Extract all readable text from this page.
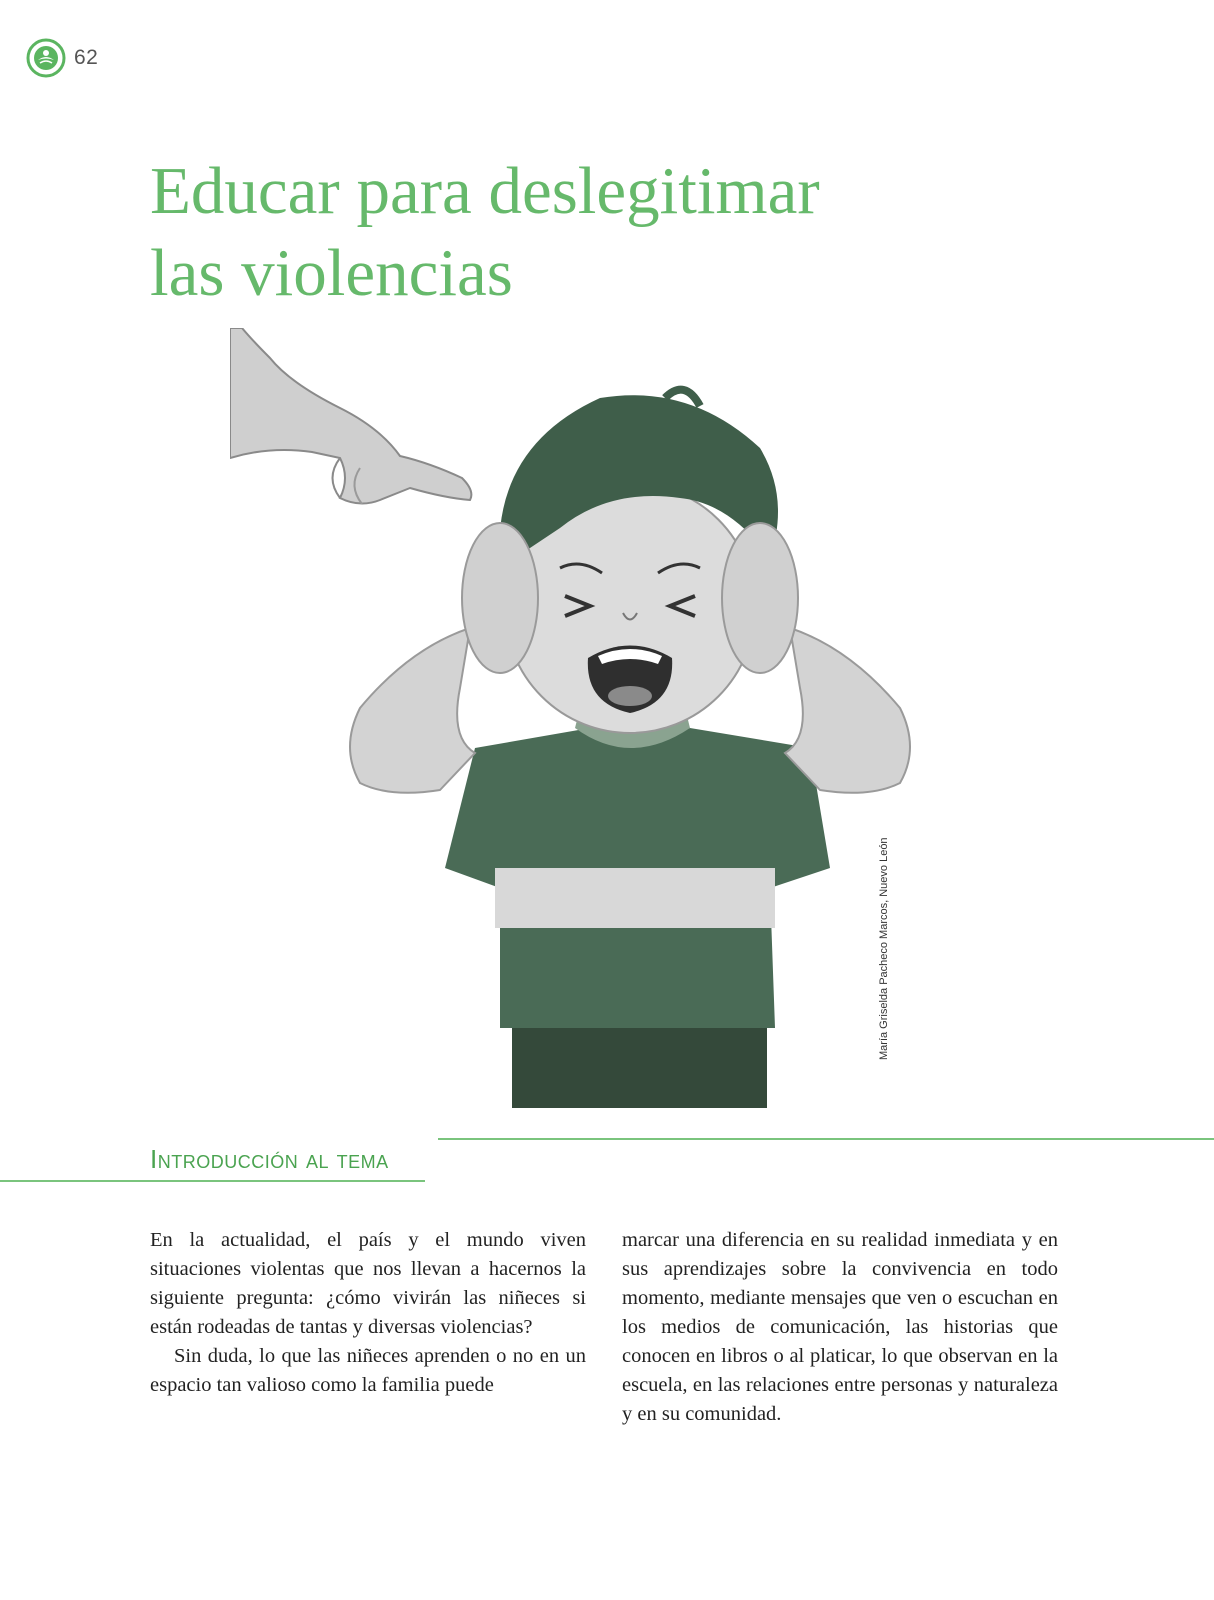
62
Educar para deslegitimar
las violencias
María Griselda Pacheco Marcos, Nuevo León
Introducción al tema

En la actualidad, el país y el mundo viven situaciones violentas que nos llevan a hacernos la siguiente pregunta: ¿cómo vivirán las niñeces si están rodeadas de tantas y diversas violencias?

Sin duda, lo que las niñeces aprenden o no en un espacio tan valioso como la familia puede

marcar una diferencia en su realidad inmediata y en sus aprendizajes sobre la convivencia en todo momento, mediante mensajes que ven o escuchan en los medios de comunicación, las historias que conocen en libros o al platicar, lo que observan en la escuela, en las relaciones entre personas y naturaleza y en su comunidad.
